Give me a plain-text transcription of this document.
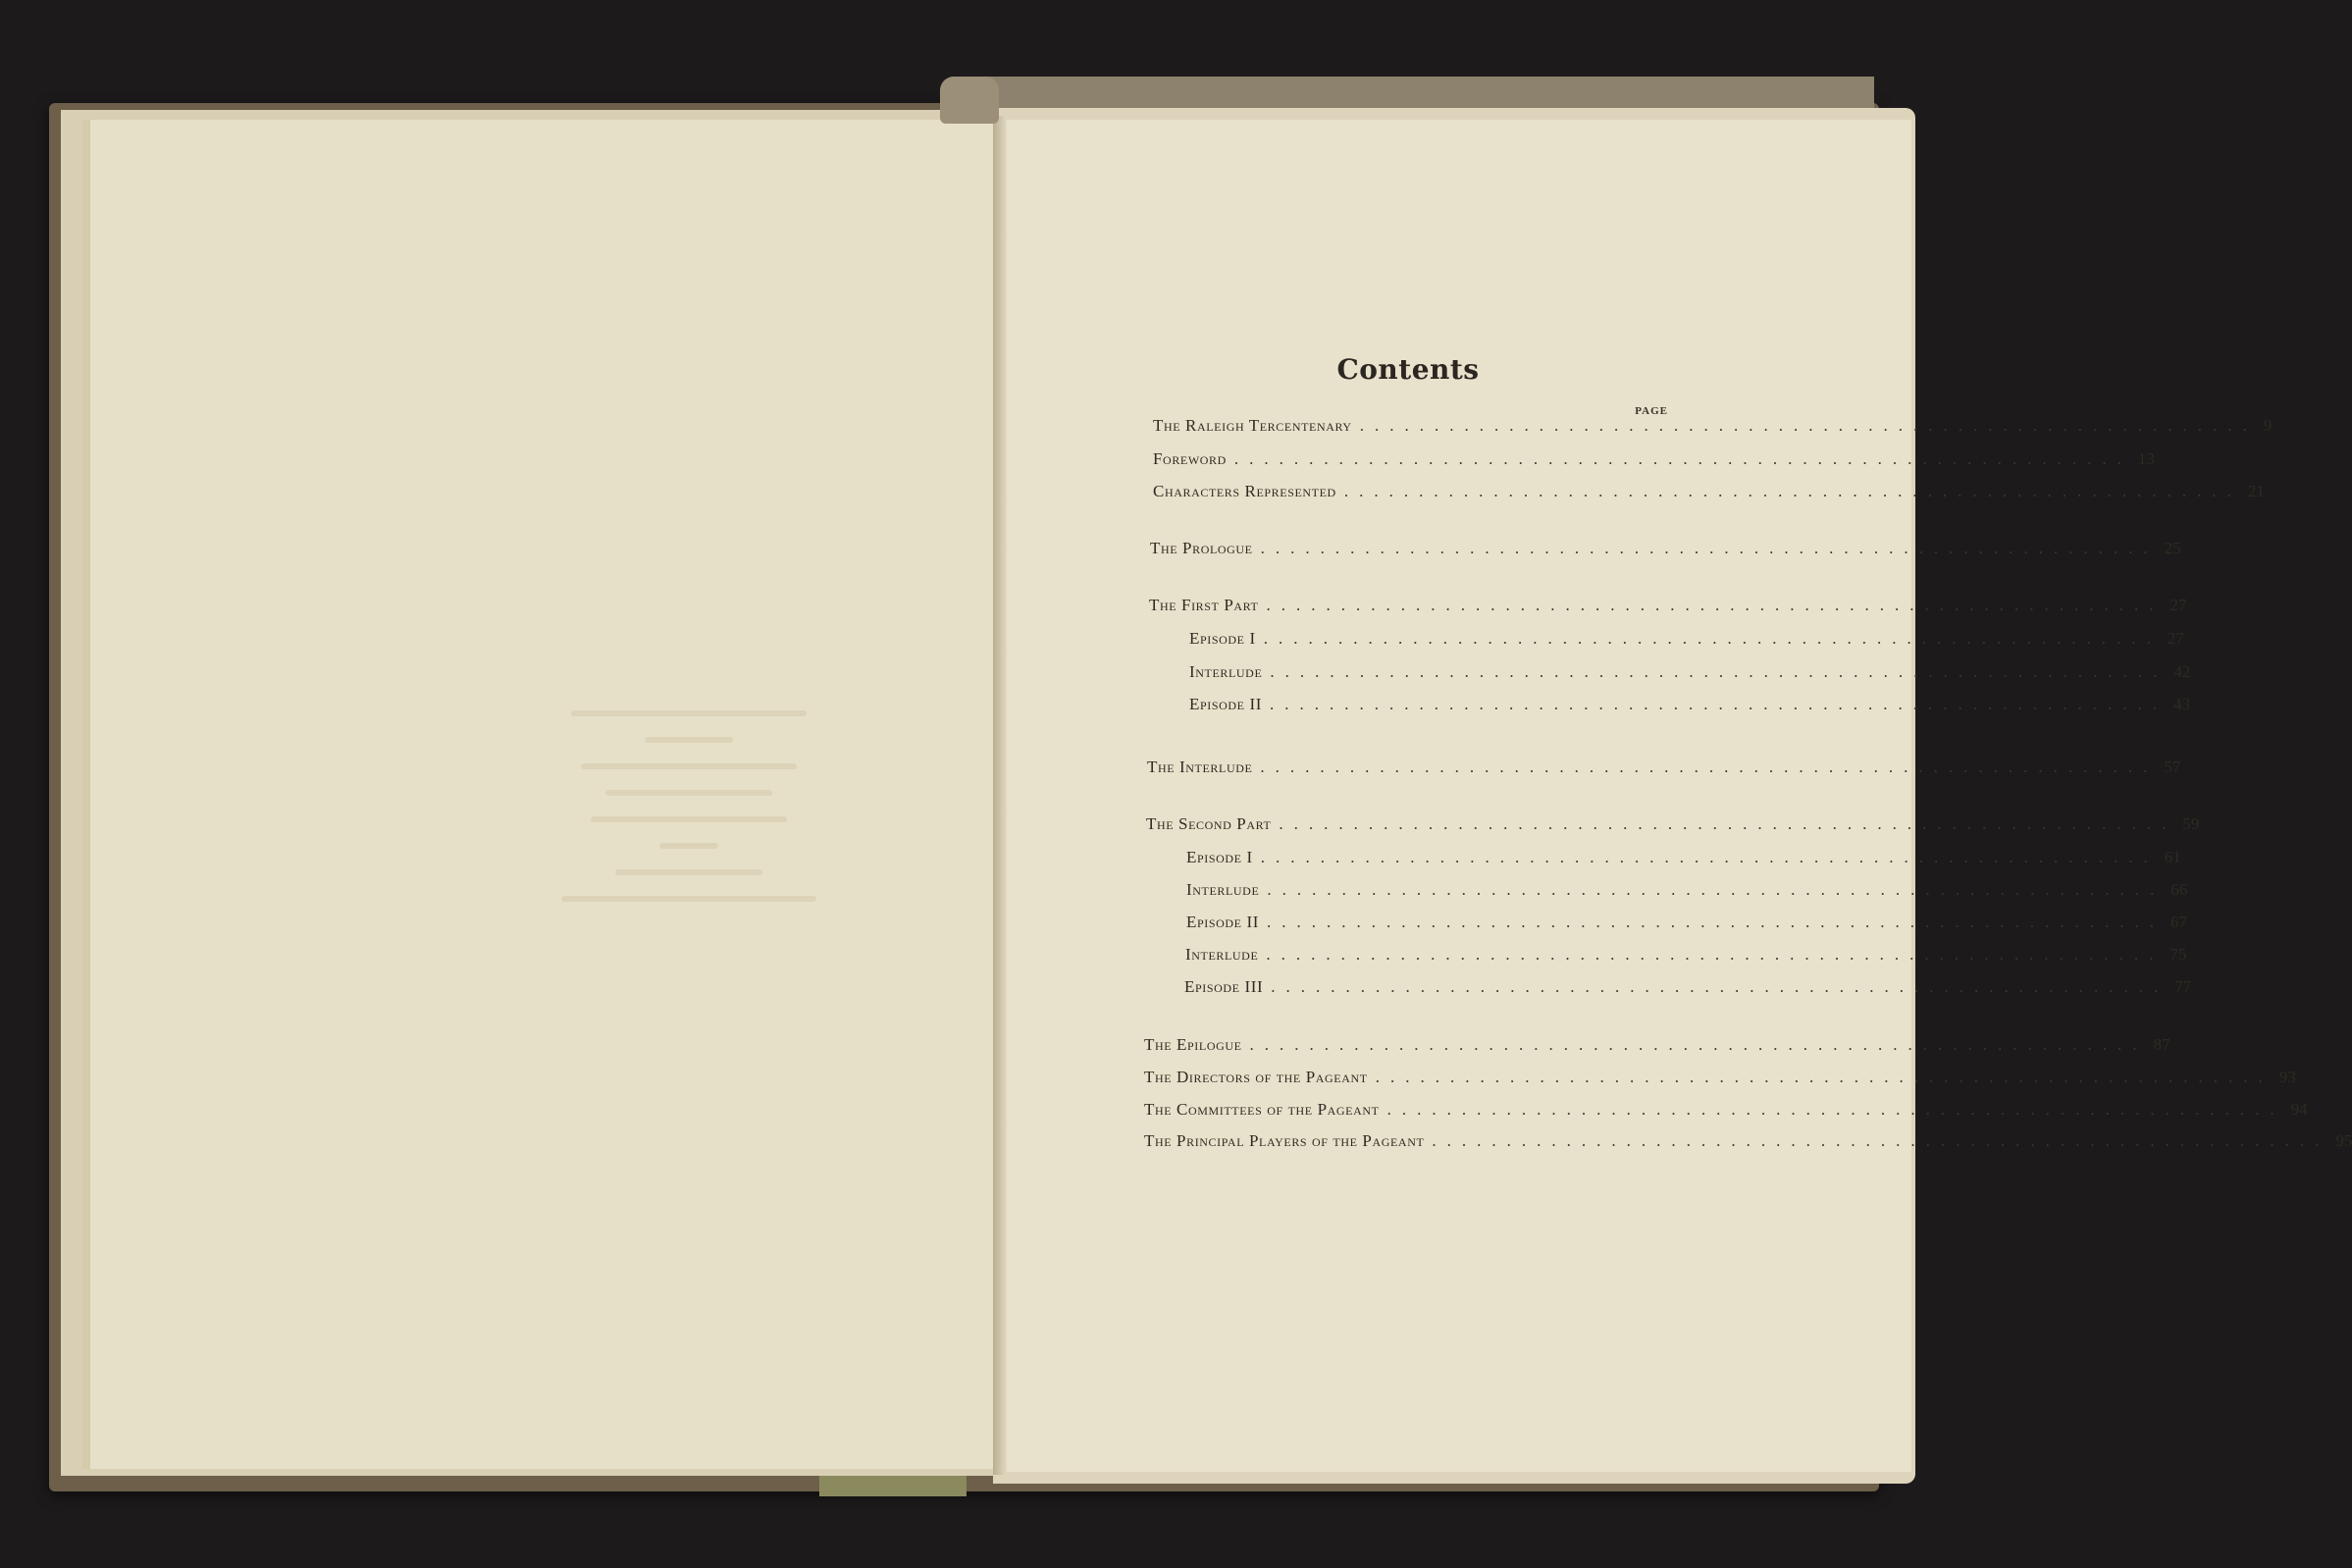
Contents
PAGE
The Raleigh Tercentenary ............................................................ 9
Foreword ............................................................ 13
Characters Represented ............................................................ 21
The Prologue ............................................................ 25
The First Part ............................................................ 27
Episode I ............................................................ 27
Interlude ............................................................ 42
Episode II ............................................................ 43
The Interlude ............................................................ 57
The Second Part ............................................................ 59
Episode I ............................................................ 61
Interlude ............................................................ 66
Episode II ............................................................ 67
Interlude ............................................................ 75
Episode III ............................................................ 77
The Epilogue ............................................................ 87
The Directors of the Pageant ............................................................ 93
The Committees of the Pageant ............................................................ 94
The Principal Players of the Pageant ............................................................ 95
